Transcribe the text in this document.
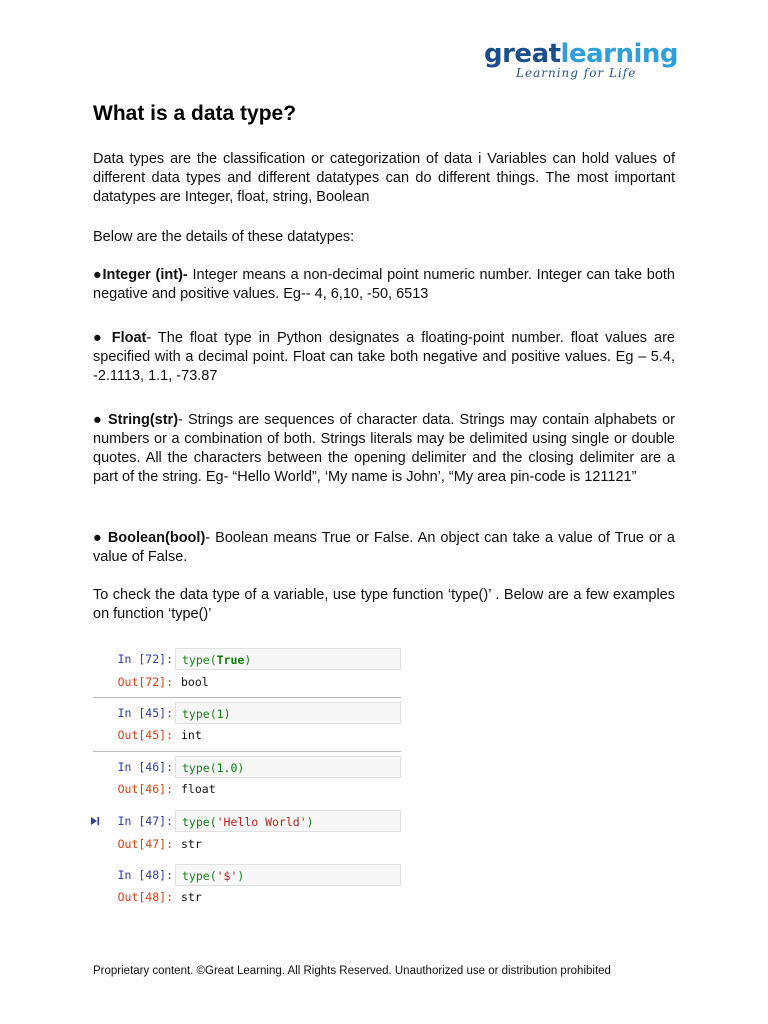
greatlearning
Learning for Life
What is a data type?
Data types are the classification or categorization of data i Variables can hold values of different data types and different datatypes can do different things. The most important datatypes are Integer, float, string, Boolean
Below are the details of these datatypes:
●Integer (int)- Integer means a non-decimal point numeric number. Integer can take both negative and positive values. Eg-- 4, 6,10, -50, 6513
● Float- The float type in Python designates a floating-point number. float values are specified with a decimal point. Float can take both negative and positive values. Eg – 5.4, -2.1113, 1.1, -73.87
● String(str)- Strings are sequences of character data. Strings may contain alphabets or numbers or a combination of both. Strings literals may be delimited using single or double quotes. All the characters between the opening delimiter and the closing delimiter are a part of the string. Eg- “Hello World”, ‘My name is John’, “My area pin-code is 121121”
● Boolean(bool)- Boolean means True or False. An object can take a value of True or a value of False.
To check the data type of a variable, use type function ‘type()’ . Below are a few examples on function ‘type()’
In [72]: type(True)
Out[72]: bool
In [45]: type(1)
Out[45]: int
In [46]: type(1.0)
Out[46]: float
In [47]: type('Hello World')
Out[47]: str
In [48]: type('$')
Out[48]: str
Proprietary content. ©Great Learning. All Rights Reserved. Unauthorized use or distribution prohibited
